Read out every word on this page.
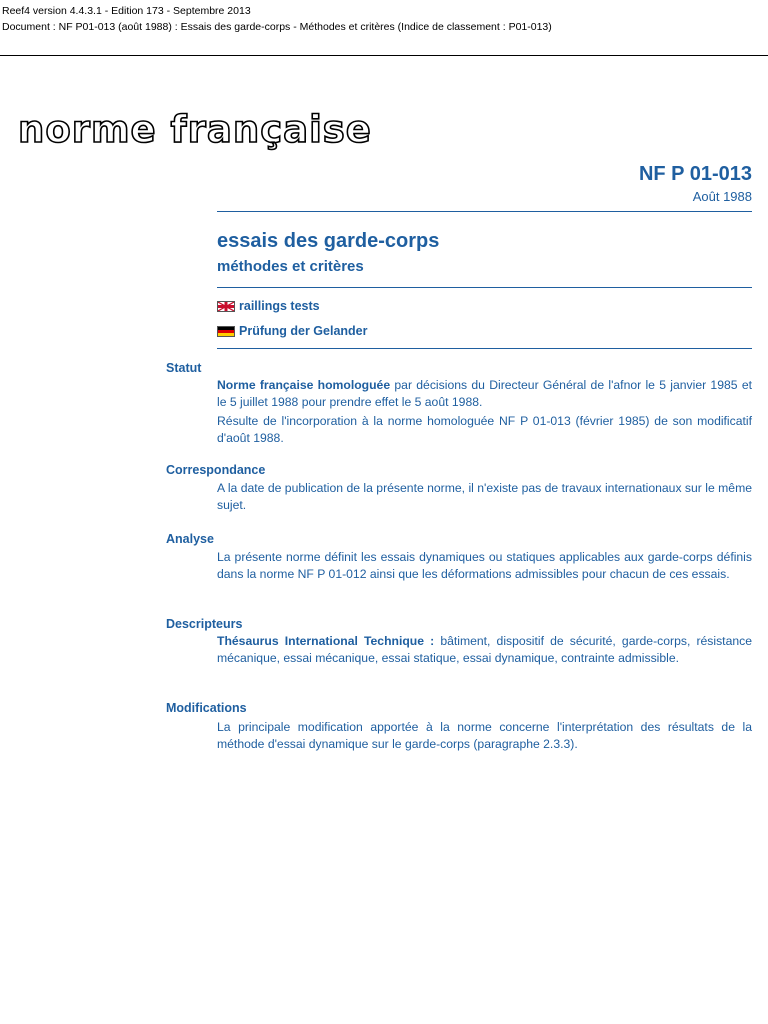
Reef4 version 4.4.3.1 - Edition 173 - Septembre 2013
Document : NF P01-013 (août 1988) : Essais des garde-corps - Méthodes et critères (Indice de classement : P01-013)
norme française
NF P 01-013
Août 1988
essais des garde-corps
méthodes et critères
raillings tests
Prüfung der Gelander
Statut

Norme française homologuée par décisions du Directeur Général de l'afnor le 5 janvier 1985 et le 5 juillet 1988 pour prendre effet le 5 août 1988.

Résulte de l'incorporation à la norme homologuée NF P 01-013 (février 1985) de son modificatif d'août 1988.

Correspondance

A la date de publication de la présente norme, il n'existe pas de travaux internationaux sur le même sujet.

Analyse

La présente norme définit les essais dynamiques ou statiques applicables aux garde-corps définis dans la norme NF P 01-012 ainsi que les déformations admissibles pour chacun de ces essais.

Descripteurs

Thésaurus International Technique : bâtiment, dispositif de sécurité, garde-corps, résistance mécanique, essai mécanique, essai statique, essai dynamique, contrainte admissible.

Modifications

La principale modification apportée à la norme concerne l'interprétation des résultats de la méthode d'essai dynamique sur le garde-corps (paragraphe 2.3.3).
